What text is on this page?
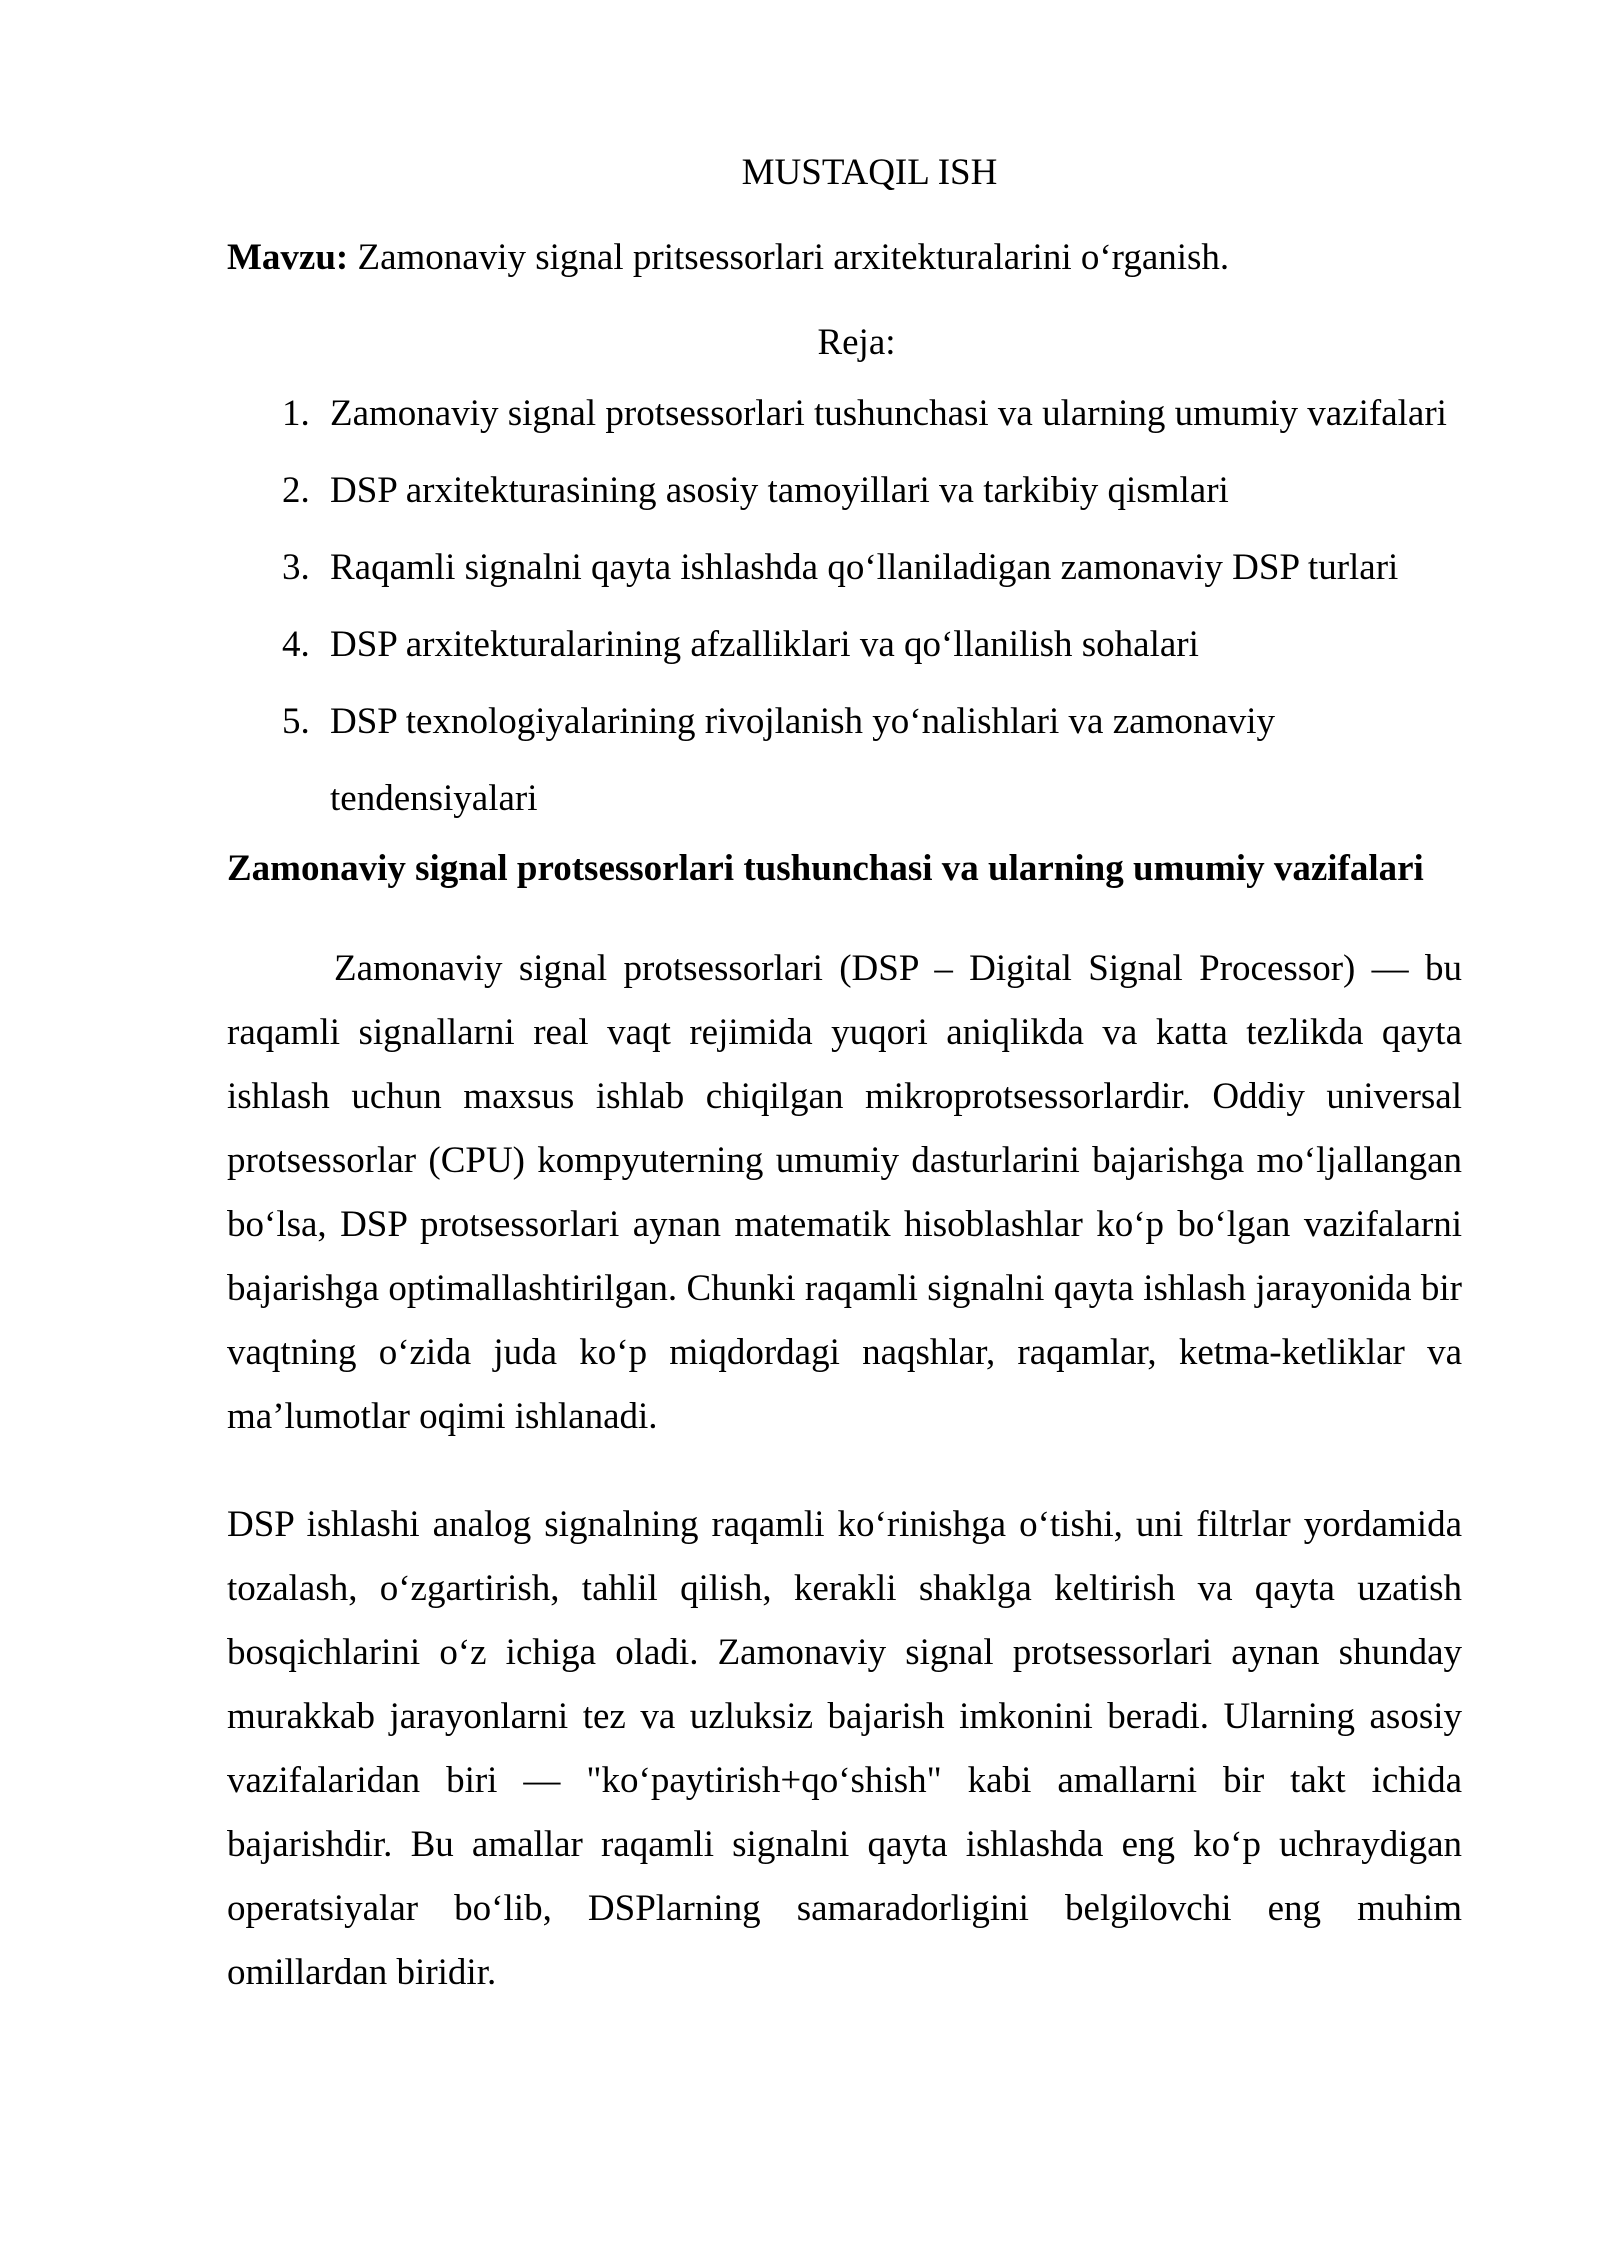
MUSTAQIL ISH

Mavzu: Zamonaviy signal pritsessorlari arxitekturalarini oʻrganish.

Reja:

1. Zamonaviy signal protsessorlari tushunchasi va ularning umumiy vazifalari
2. DSP arxitekturasining asosiy tamoyillari va tarkibiy qismlari
3. Raqamli signalni qayta ishlashda qoʻllaniladigan zamonaviy DSP turlari
4. DSP arxitekturalarining afzalliklari va qoʻllanilish sohalari
5. DSP texnologiyalarining rivojlanish yoʻnalishlari va zamonaviy tendensiyalari

Zamonaviy signal protsessorlari tushunchasi va ularning umumiy vazifalari

Zamonaviy signal protsessorlari (DSP – Digital Signal Processor) — bu raqamli signallarni real vaqt rejimida yuqori aniqlikda va katta tezlikda qayta ishlash uchun maxsus ishlab chiqilgan mikroprotsessorlardir. Oddiy universal protsessorlar (CPU) kompyuterning umumiy dasturlarini bajarishga moʻljallangan boʻlsa, DSP protsessorlari aynan matematik hisoblashlar koʻp boʻlgan vazifalarni bajarishga optimallashtirilgan. Chunki raqamli signalni qayta ishlash jarayonida bir vaqtning oʻzida juda koʻp miqdordagi naqshlar, raqamlar, ketma-ketliklar va maʼlumotlar oqimi ishlanadi.

DSP ishlashi analog signalning raqamli koʻrinishga oʻtishi, uni filtrlar yordamida tozalash, oʻzgartirish, tahlil qilish, kerakli shaklga keltirish va qayta uzatish bosqichlarini oʻz ichiga oladi. Zamonaviy signal protsessorlari aynan shunday murakkab jarayonlarni tez va uzluksiz bajarish imkonini beradi. Ularning asosiy vazifalaridan biri — "koʻpaytirish+qoʻshish" kabi amallarni bir takt ichida bajarishdir. Bu amallar raqamli signalni qayta ishlashda eng koʻp uchraydigan operatsiyalar boʻlib, DSPlarning samaradorligini belgilovchi eng muhim omillardan biridir.
